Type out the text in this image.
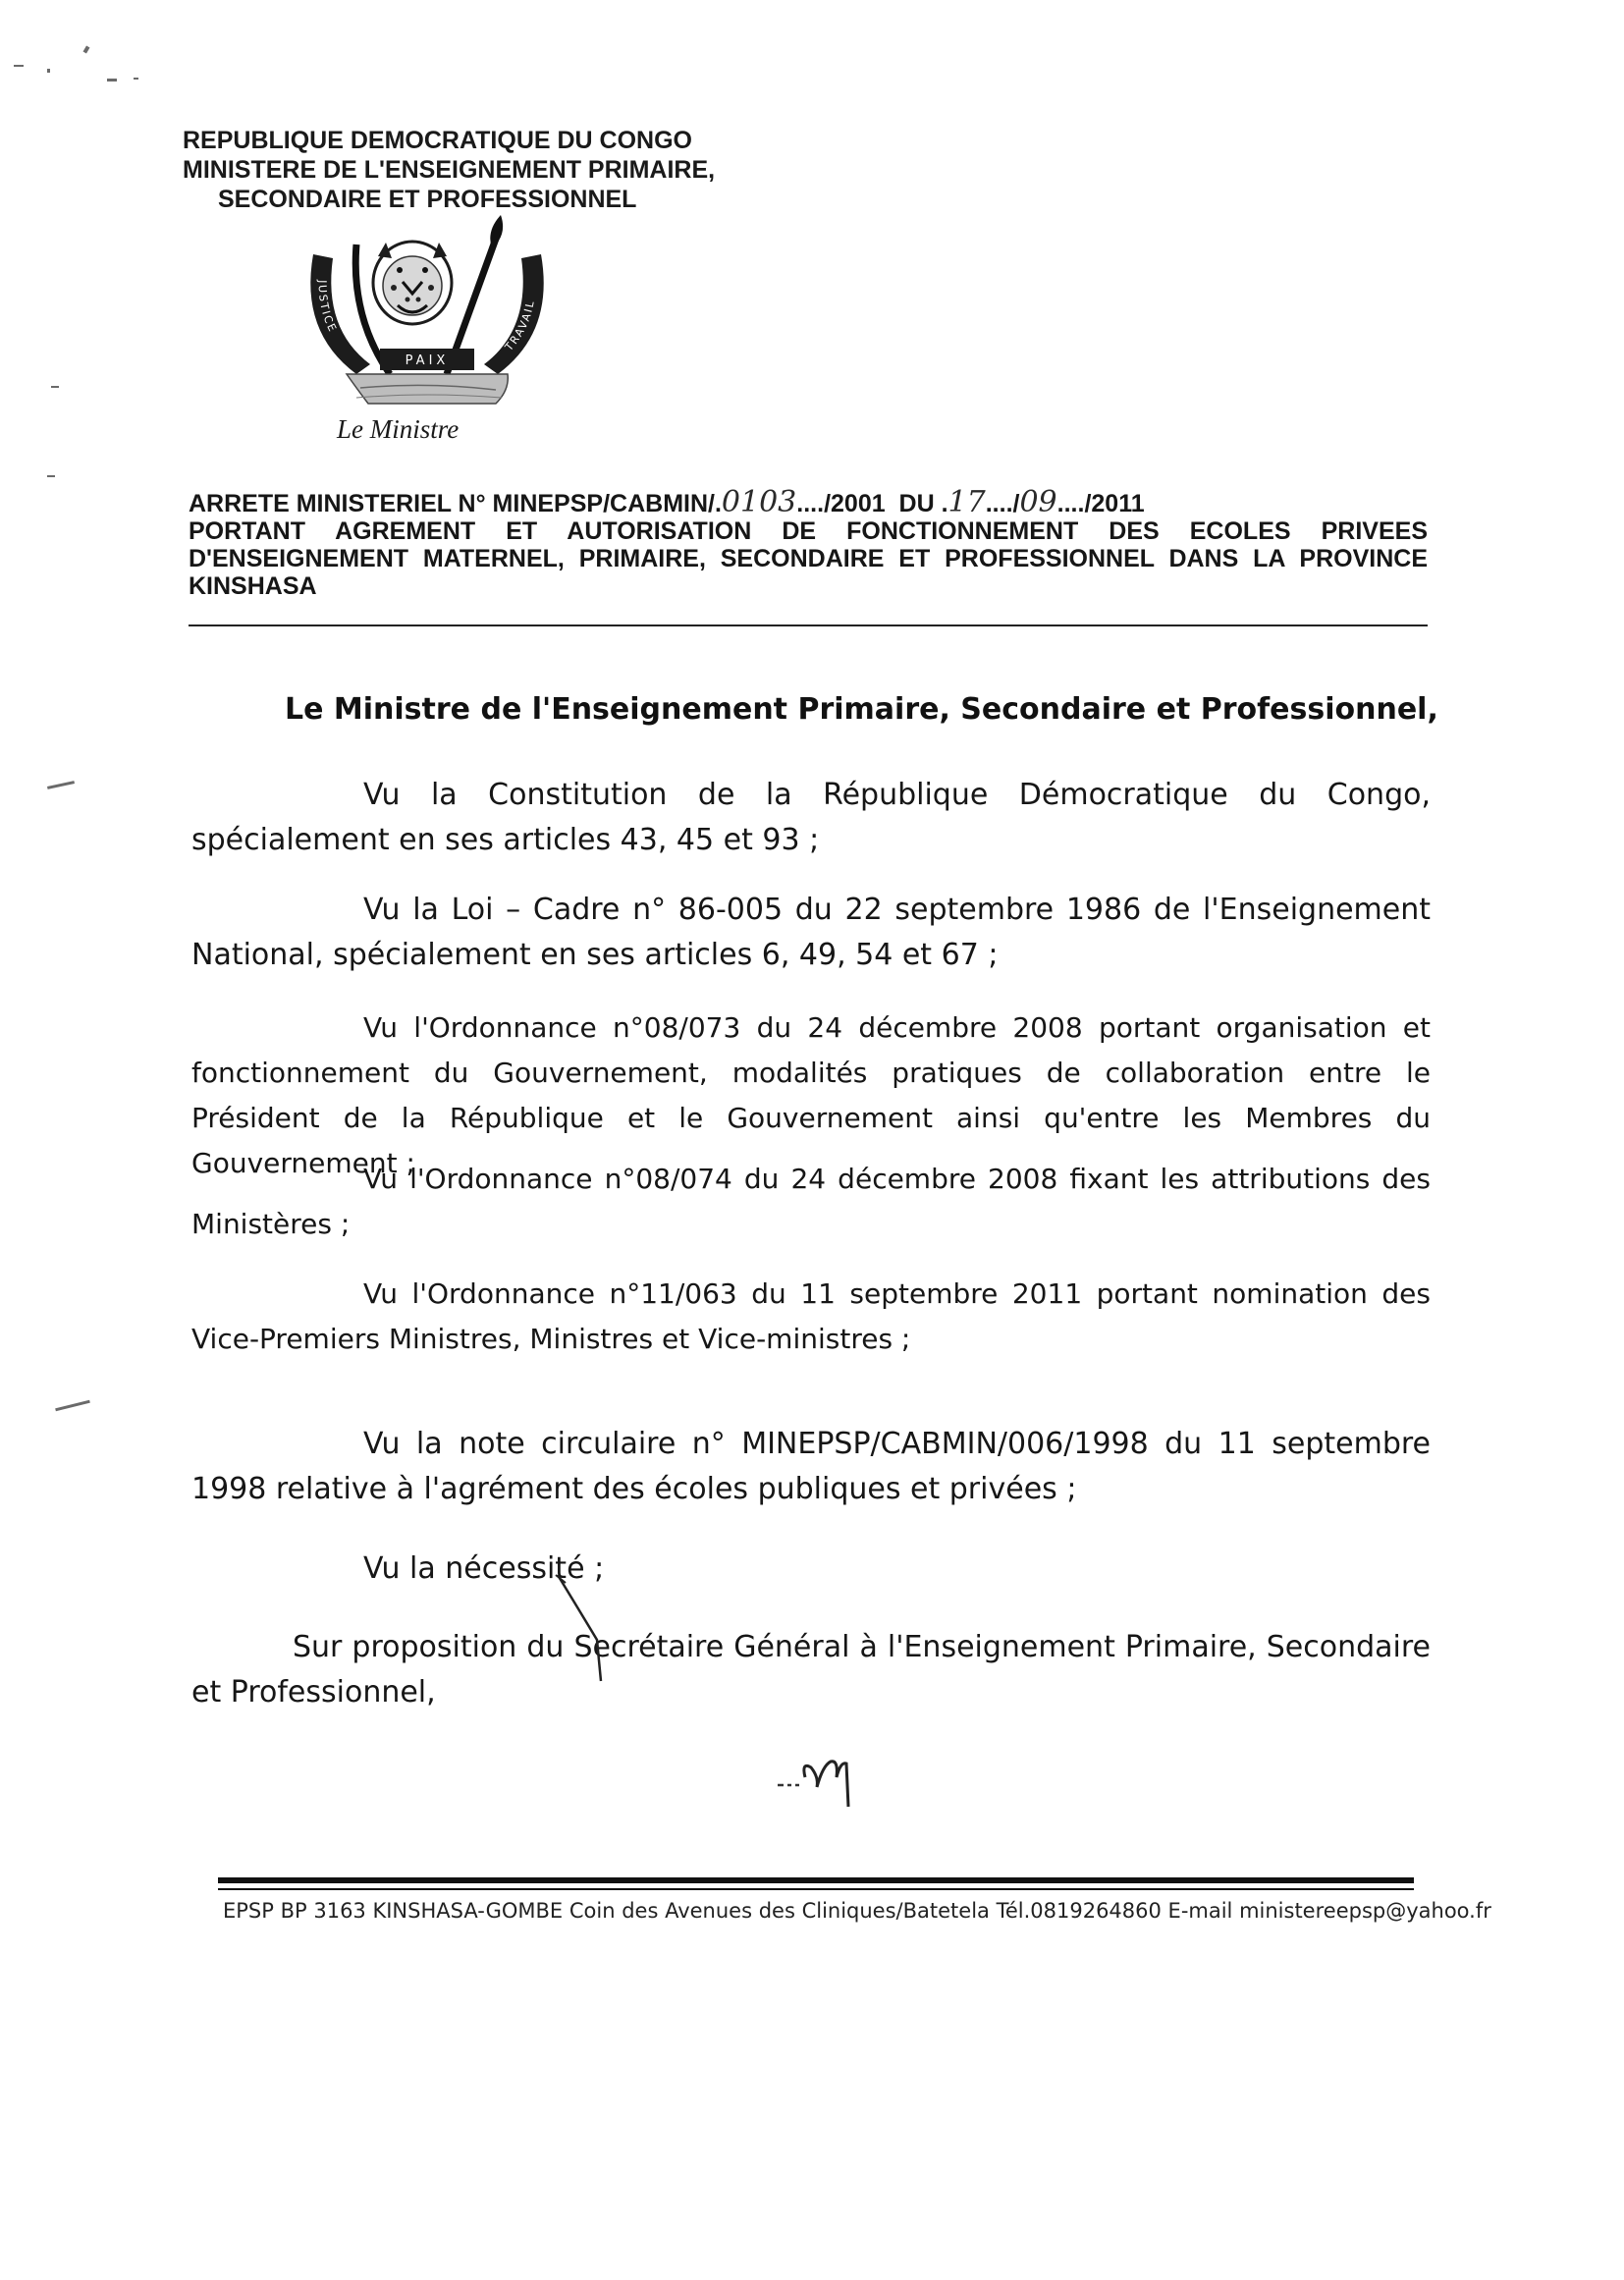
REPUBLIQUE DEMOCRATIQUE DU CONGO
MINISTERE DE L'ENSEIGNEMENT PRIMAIRE,
SECONDAIRE ET PROFESSIONNEL
JUSTICE
TRAVAIL
PAIX
Le Ministre
ARRETE MINISTERIEL N° MINEPSP/CABMIN/.0103..../2001 DU .17..../09..../2011
PORTANT AGREMENT ET AUTORISATION DE FONCTIONNEMENT DES ECOLES PRIVEES D'ENSEIGNEMENT MATERNEL, PRIMAIRE, SECONDAIRE ET PROFESSIONNEL DANS LA PROVINCE KINSHASA
Le Ministre de l'Enseignement Primaire, Secondaire et Professionnel,
Vu la Constitution de la République Démocratique du Congo, spécialement en ses articles 43, 45 et 93 ;
Vu la Loi – Cadre n° 86-005 du 22 septembre 1986 de l'Enseignement National, spécialement en ses articles 6, 49, 54 et 67 ;
Vu l'Ordonnance n°08/073 du 24 décembre 2008 portant organisation et fonctionnement du Gouvernement, modalités pratiques de collaboration entre le Président de la République et le Gouvernement ainsi qu'entre les Membres du Gouvernement ;
Vu l'Ordonnance n°08/074 du 24 décembre 2008 fixant les attributions des Ministères ;
Vu l'Ordonnance n°11/063 du 11 septembre 2011 portant nomination des Vice-Premiers Ministres, Ministres et Vice-ministres ;
Vu la note circulaire n° MINEPSP/CABMIN/006/1998 du 11 septembre 1998 relative à l'agrément des écoles publiques et privées ;
Vu la nécessité ;
Sur proposition du Secrétaire Général à l'Enseignement Primaire, Secondaire et Professionnel,
EPSP BP 3163 KINSHASA-GOMBE Coin des Avenues des Cliniques/Batetela Tél.0819264860 E-mail ministereepsp@yahoo.fr
